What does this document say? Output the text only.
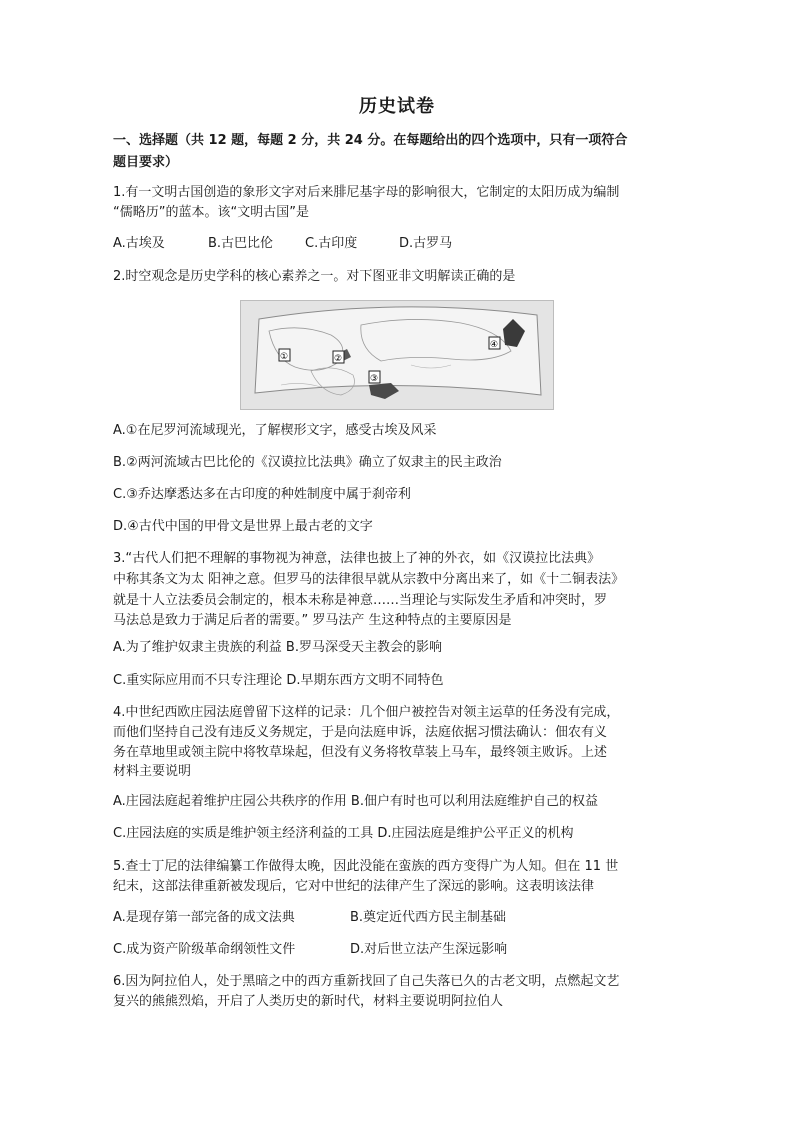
历史试卷
一、选择题（共 12 题，每题 2 分，共 24 分。在每题给出的四个选项中，只有一项符合
题目要求）
1.有一文明古国创造的象形文字对后来腓尼基字母的影响很大，它制定的太阳历成为编制
“儒略历”的蓝本。该“文明古国”是
A.古埃及	B.古巴比伦 C.古印度	D.古罗马
2.时空观念是历史学科的核心素养之一。对下图亚非文明解读正确的是
①	②
③
④
A.①在尼罗河流域现光，了解楔形文字，感受古埃及风采
B.②两河流域古巴比伦的《汉谟拉比法典》确立了奴隶主的民主政治
C.③乔达摩悉达多在古印度的种姓制度中属于刹帝利
D.④古代中国的甲骨文是世界上最古老的文字
3.“古代人们把不理解的事物视为神意，法律也披上了神的外衣，如《汉谟拉比法典》
中称其条文为太 阳神之意。但罗马的法律很早就从宗教中分离出来了，如《十二铜表法》
就是十人立法委员会制定的，根本未称是神意……当理论与实际发生矛盾和冲突时，罗
马法总是致力于满足后者的需要。” 罗马法产 生这种特点的主要原因是
A.为了维护奴隶主贵族的利益 B.罗马深受天主教会的影响
C.重实际应用而不只专注理论 D.早期东西方文明不同特色
4.中世纪西欧庄园法庭曾留下这样的记录：几个佃户被控告对领主运草的任务没有完成，
而他们坚持自己没有违反义务规定，于是向法庭申诉，法庭依据习惯法确认：佃农有义
务在草地里或领主院中将牧草垛起，但没有义务将牧草装上马车，最终领主败诉。上述
材料主要说明
A.庄园法庭起着维护庄园公共秩序的作用 B.佃户有时也可以利用法庭维护自己的权益
C.庄园法庭的实质是维护领主经济利益的工具 D.庄园法庭是维护公平正义的机构
5.查士丁尼的法律编纂工作做得太晚，因此没能在蛮族的西方变得广为人知。但在 11 世
纪末，这部法律重新被发现后，它对中世纪的法律产生了深远的影响。这表明该法律
A.是现存第一部完备的成文法典	B.奠定近代西方民主制基础
C.成为资产阶级革命纲领性文件	D.对后世立法产生深远影响
6.因为阿拉伯人，处于黑暗之中的西方重新找回了自己失落已久的古老文明，点燃起文艺
复兴的熊熊烈焰，开启了人类历史的新时代，材料主要说明阿拉伯人
